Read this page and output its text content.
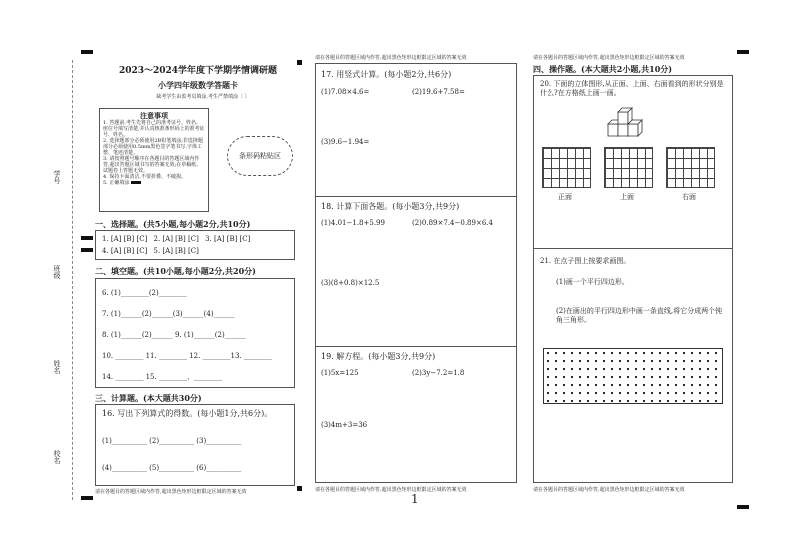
学号
班级
姓名
校名
2023～2024学年度下学期学情调研题
小学四年级数学答题卡
缺考学生由监考员填涂,考生严禁填涂〔 〕
注意事项
1. 答题前,考生先将自己的准考证号、姓名、座位号填写清楚,并认真核准条形码上的准考证号、姓名。
2. 选择题部分必须使用2B铅笔填涂;非选择题部分必须使用0.5mm黑色签字笔书写,字体工整、笔迹清楚。
3. 请按照题号顺序在各题目的答题区域内作答,超出答题区域书写的答案无效;在草稿纸、试题卷上答题无效。
4. 保持卡面清洁,不要折叠、不破损。
5. 正确填涂
条形码粘贴区
一、选择题。(共5小题,每小题2分,共10分)
1. [A] [B] [C] 2. [A] [B] [C] 3. [A] [B] [C]
4. [A] [B] [C] 5. [A] [B] [C]
二、填空题。(共10小题,每小题2分,共20分)
6. (1)________(2)________
7. (1)______(2)______(3)______(4)______
8. (1)______(2)______ 9. (1)______(2)______
10. ________ 11. ________ 12. ________13. ________
14. ________ 15. ________、________
三、计算题。(本大题共30分)
16. 写出下列算式的得数。(每小题1分,共6分)。
(1)__________ (2)__________ (3)__________
(4)__________ (5)__________ (6)__________
请在各题目的答题区域内作答,超出黑色矩形边框限定区域的答案无效
请在各题目的答题区域内作答,超出黑色矩形边框限定区域的答案无效
17. 用竖式计算。(每小题2分,共6分)
(1)7.08×4.6=	(2)19.6+7.58=
(3)9.6−1.94=
18. 计算下面各题。(每小题3分,共9分)
(1)4.01−1.8+5.99	(2)0.89×7.4−0.89×6.4
(3)(8+0.8)×12.5
19. 解方程。(每小题3分,共9分)
(1)5x=125	(2)3y−7.2=1.8
(3)4m+3=36
请在各题目的答题区域内作答,超出黑色矩形边框限定区域的答案无效
1
请在各题目的答题区域内作答,超出黑色矩形边框限定区域的答案无效
四、操作题。(本大题共2小题,共10分)
20. 下面的立体图形,从正面、上面、右面看到的形状分别是什么?在方格纸上画一画。
正面	上面	右面
21. 在点子图上按要求画图。
(1)画一个平行四边形。
(2)在画出的平行四边形中画一条直线,将它分成两个钝角三角形。
请在各题目的答题区域内作答,超出黑色矩形边框限定区域的答案无效
